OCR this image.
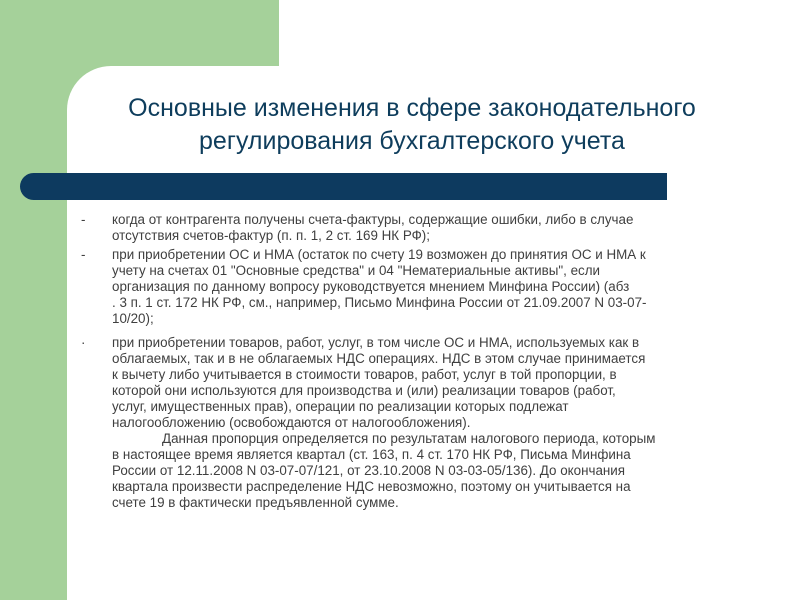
Основные изменения в сфере законодательного
регулирования бухгалтерского учета
- когда от контрагента получены счета-фактуры, содержащие ошибки, либо в случае
отсутствия счетов-фактур (п. п. 1, 2 ст. 169 НК РФ);
- при приобретении ОС и НМА (остаток по счету 19 возможен до принятия ОС и НМА к
учету на счетах 01 "Основные средства" и 04 "Нематериальные активы", если
организация по данному вопросу руководствуется мнением Минфина России) (абз
. 3 п. 1 ст. 172 НК РФ, см., например, Письмо Минфина России от 21.09.2007 N 03-07-
10/20);
· при приобретении товаров, работ, услуг, в том числе ОС и НМА, используемых как в
облагаемых, так и в не облагаемых НДС операциях. НДС в этом случае принимается
к вычету либо учитывается в стоимости товаров, работ, услуг в той пропорции, в
которой они используются для производства и (или) реализации товаров (работ,
услуг, имущественных прав), операции по реализации которых подлежат
налогообложению (освобождаются от налогообложения).
Данная пропорция определяется по результатам налогового периода, которым
в настоящее время является квартал (ст. 163, п. 4 ст. 170 НК РФ, Письма Минфина
России от 12.11.2008 N 03-07-07/121, от 23.10.2008 N 03-03-05/136). До окончания
квартала произвести распределение НДС невозможно, поэтому он учитывается на
счете 19 в фактически предъявленной сумме.
